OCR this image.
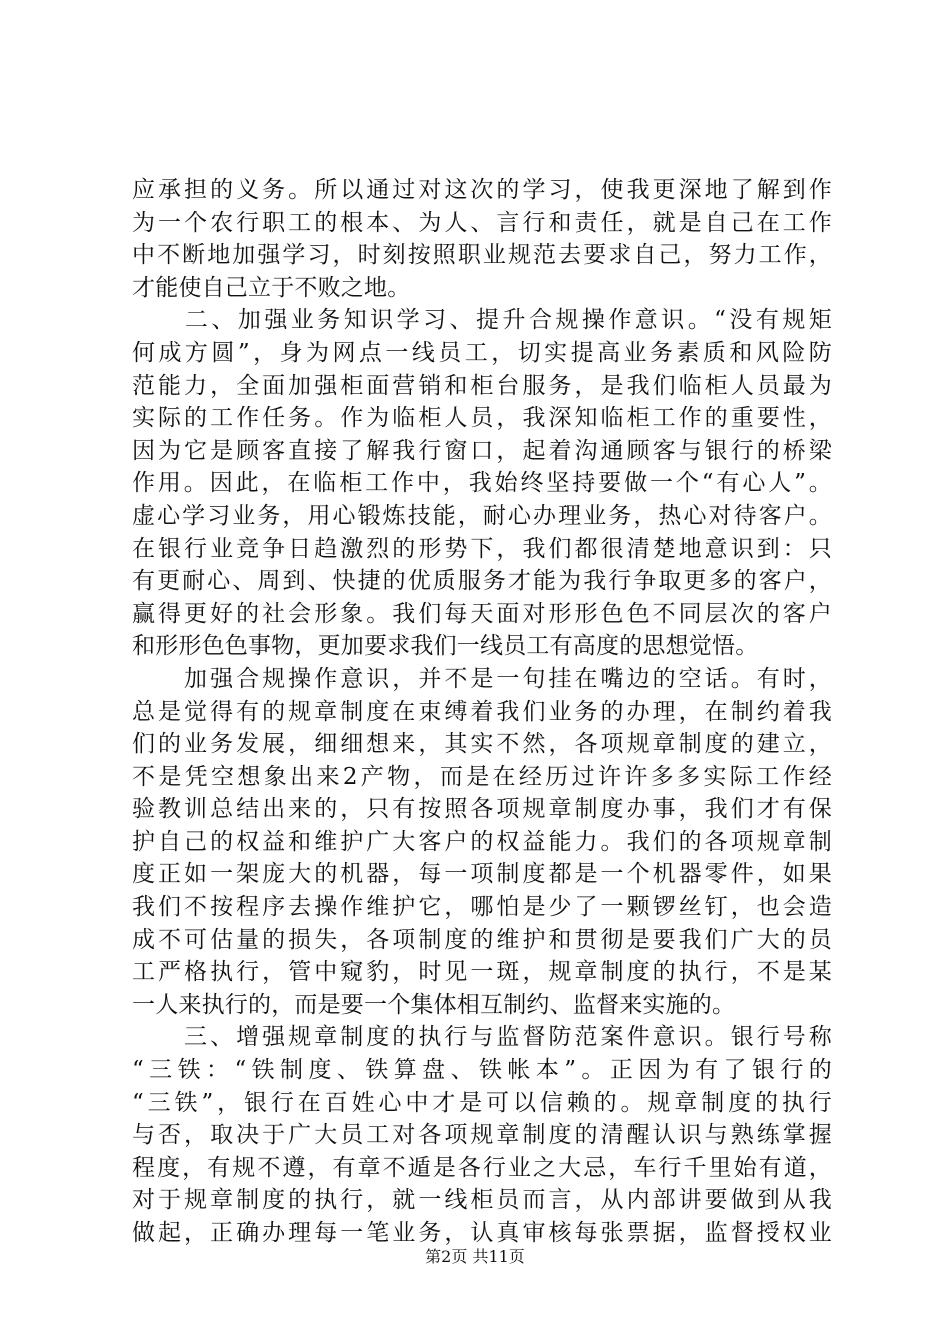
应承担的义务。所以通过对这次的学习，使我更深地了解到作
为一个农行职工的根本、为人、言行和责任，就是自己在工作
中不断地加强学习，时刻按照职业规范去要求自己，努力工作，
才能使自己立于不败之地。
　　二、加强业务知识学习、提升合规操作意识。“没有规矩
何成方圆”，身为网点一线员工，切实提高业务素质和风险防
范能力，全面加强柜面营销和柜台服务，是我们临柜人员最为
实际的工作任务。作为临柜人员，我深知临柜工作的重要性，
因为它是顾客直接了解我行窗口，起着沟通顾客与银行的桥梁
作用。因此，在临柜工作中，我始终坚持要做一个“有心人”。
虚心学习业务，用心锻炼技能，耐心办理业务，热心对待客户。
在银行业竞争日趋激烈的形势下，我们都很清楚地意识到：只
有更耐心、周到、快捷的优质服务才能为我行争取更多的客户，
赢得更好的社会形象。我们每天面对形形色色不同层次的客户
和形形色色事物，更加要求我们一线员工有高度的思想觉悟。
　　加强合规操作意识，并不是一句挂在嘴边的空话。有时，
总是觉得有的规章制度在束缚着我们业务的办理，在制约着我
们的业务发展，细细想来，其实不然，各项规章制度的建立，
不是凭空想象出来2产物，而是在经历过许许多多实际工作经
验教训总结出来的，只有按照各项规章制度办事，我们才有保
护自己的权益和维护广大客户的权益能力。我们的各项规章制
度正如一架庞大的机器，每一项制度都是一个机器零件，如果
我们不按程序去操作维护它，哪怕是少了一颗锣丝钉，也会造
成不可估量的损失，各项制度的维护和贯彻是要我们广大的员
工严格执行，管中窥豹，时见一斑，规章制度的执行，不是某
一人来执行的，而是要一个集体相互制约、监督来实施的。
　　三、增强规章制度的执行与监督防范案件意识。银行号称
“三铁：“铁制度、铁算盘、铁帐本”。正因为有了银行的
“三铁”，银行在百姓心中才是可以信赖的。规章制度的执行
与否，取决于广大员工对各项规章制度的清醒认识与熟练掌握
程度，有规不遵，有章不遁是各行业之大忌，车行千里始有道，
对于规章制度的执行，就一线柜员而言，从内部讲要做到从我
做起，正确办理每一笔业务，认真审核每张票据，监督授权业
第2页 共11页
